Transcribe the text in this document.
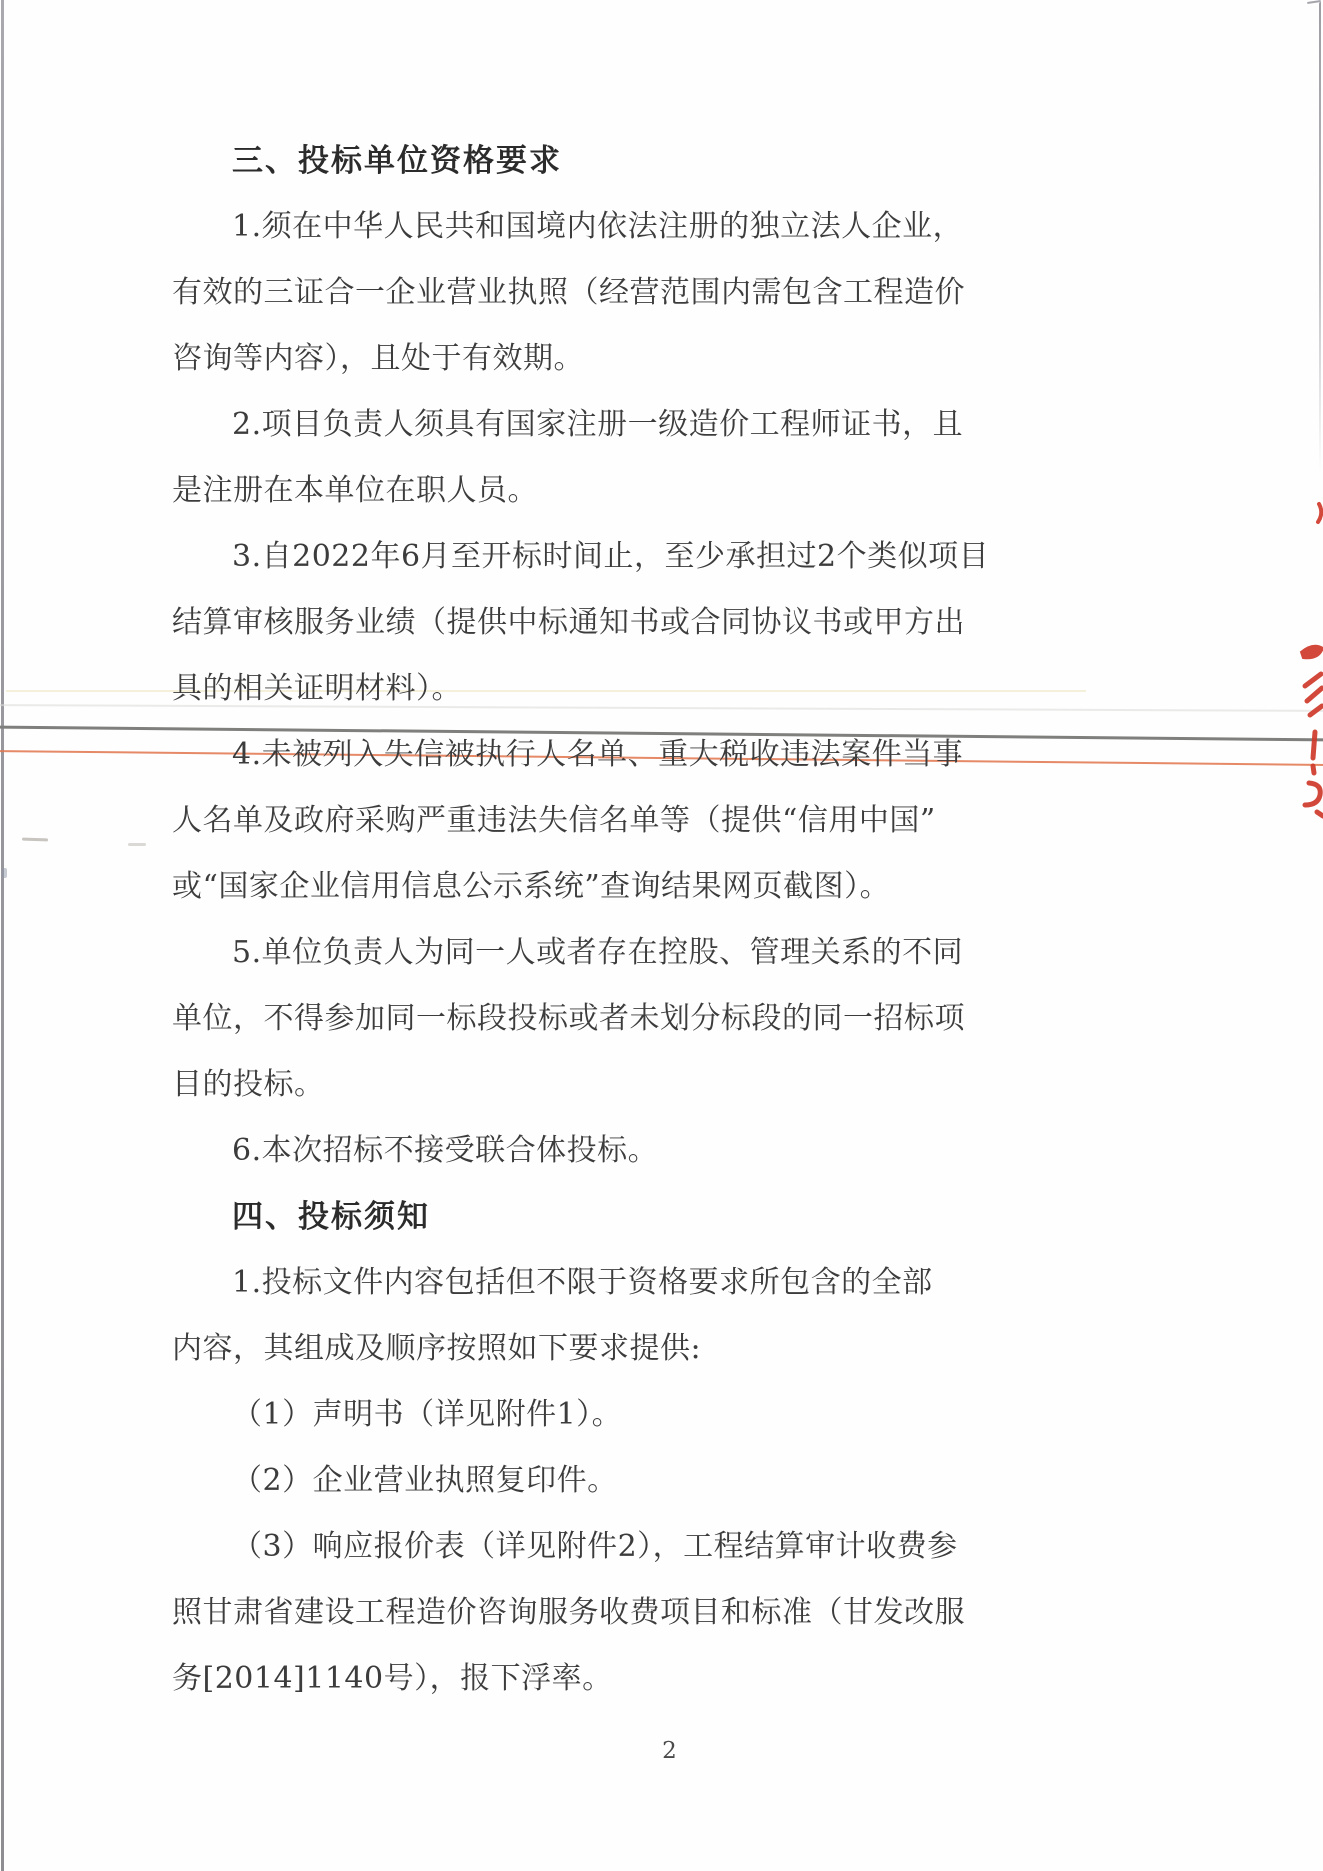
三、投标单位资格要求
1.须在中华人民共和国境内依法注册的独立法人企业，
有效的三证合一企业营业执照（经营范围内需包含工程造价
咨询等内容），且处于有效期。
2.项目负责人须具有国家注册一级造价工程师证书，且
是注册在本单位在职人员。
3.自2022年6月至开标时间止，至少承担过2个类似项目
结算审核服务业绩（提供中标通知书或合同协议书或甲方出
具的相关证明材料）。
4.未被列入失信被执行人名单、重大税收违法案件当事
人名单及政府采购严重违法失信名单等（提供“信用中国”
或“国家企业信用信息公示系统”查询结果网页截图）。
5.单位负责人为同一人或者存在控股、管理关系的不同
单位，不得参加同一标段投标或者未划分标段的同一招标项
目的投标。
6.本次招标不接受联合体投标。
四、投标须知
1.投标文件内容包括但不限于资格要求所包含的全部
内容，其组成及顺序按照如下要求提供:
（1）声明书（详见附件1）。
（2）企业营业执照复印件。
（3）响应报价表（详见附件2），工程结算审计收费参
照甘肃省建设工程造价咨询服务收费项目和标准（甘发改服
务[2014]1140号），报下浮率。
2
